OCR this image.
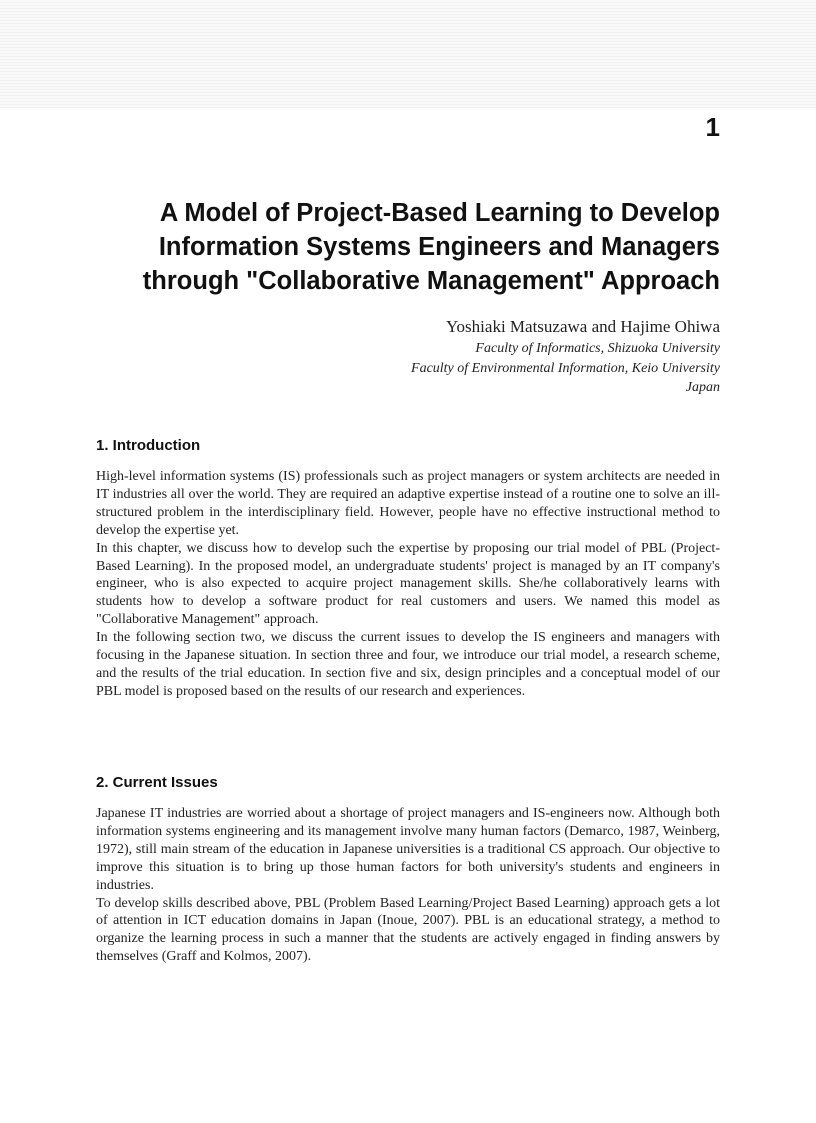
1
A Model of Project-Based Learning to Develop
Information Systems Engineers and Managers
through "Collaborative Management" Approach
Yoshiaki Matsuzawa and Hajime Ohiwa
Faculty of Informatics, Shizuoka University
Faculty of Environmental Information, Keio University
Japan
1. Introduction

High-level information systems (IS) professionals such as project managers or system architects are needed in IT industries all over the world. They are required an adaptive expertise instead of a routine one to solve an ill-structured problem in the interdisciplinary field. However, people have no effective instructional method to develop the expertise yet.

In this chapter, we discuss how to develop such the expertise by proposing our trial model of PBL (Project-Based Learning). In the proposed model, an undergraduate students' project is managed by an IT company's engineer, who is also expected to acquire project management skills. She/he collaboratively learns with students how to develop a software product for real customers and users. We named this model as "Collaborative Management" approach.

In the following section two, we discuss the current issues to develop the IS engineers and managers with focusing in the Japanese situation. In section three and four, we introduce our trial model, a research scheme, and the results of the trial education. In section five and six, design principles and a conceptual model of our PBL model is proposed based on the results of our research and experiences.

2. Current Issues

Japanese IT industries are worried about a shortage of project managers and IS-engineers now. Although both information systems engineering and its management involve many human factors (Demarco, 1987, Weinberg, 1972), still main stream of the education in Japanese universities is a traditional CS approach. Our objective to improve this situation is to bring up those human factors for both university's students and engineers in industries.

To develop skills described above, PBL (Problem Based Learning/Project Based Learning) approach gets a lot of attention in ICT education domains in Japan (Inoue, 2007). PBL is an educational strategy, a method to organize the learning process in such a manner that the students are actively engaged in finding answers by themselves (Graff and Kolmos, 2007).
